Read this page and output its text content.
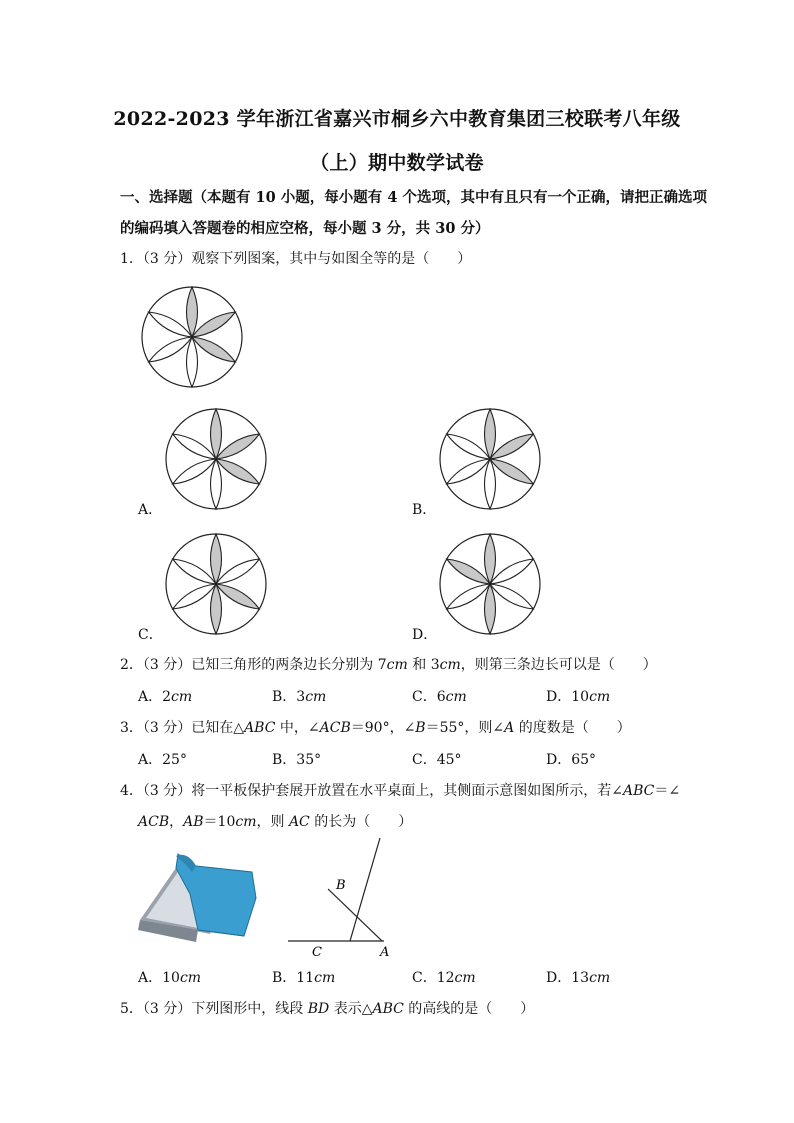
2022-2023 学年浙江省嘉兴市桐乡六中教育集团三校联考八年级
（上）期中数学试卷
一、选择题（本题有 10 小题，每小题有 4 个选项，其中有且只有一个正确，请把正确选项
的编码填入答题卷的相应空格，每小题 3 分，共 30 分）
1．（3 分）观察下列图案，其中与如图全等的是（　　）
A．	B．
C．	D．
2．（3 分）已知三角形的两条边长分别为 7cm 和 3cm，则第三条边长可以是（　　）
A．2cm	B．3cm	C．6cm	D．10cm
3．（3 分）已知在△ABC 中，∠ACB＝90°，∠B＝55°，则∠A 的度数是（　　）
A．25°	B．35°	C．45°	D．65°
4．（3 分）将一平板保护套展开放置在水平桌面上，其侧面示意图如图所示，若∠ABC＝∠
ACB，AB＝10cm，则 AC 的长为（　　）
B
C	A
A．10cm	B．11cm	C．12cm	D．13cm
5．（3 分）下列图形中，线段 BD 表示△ABC 的高线的是（　　）
